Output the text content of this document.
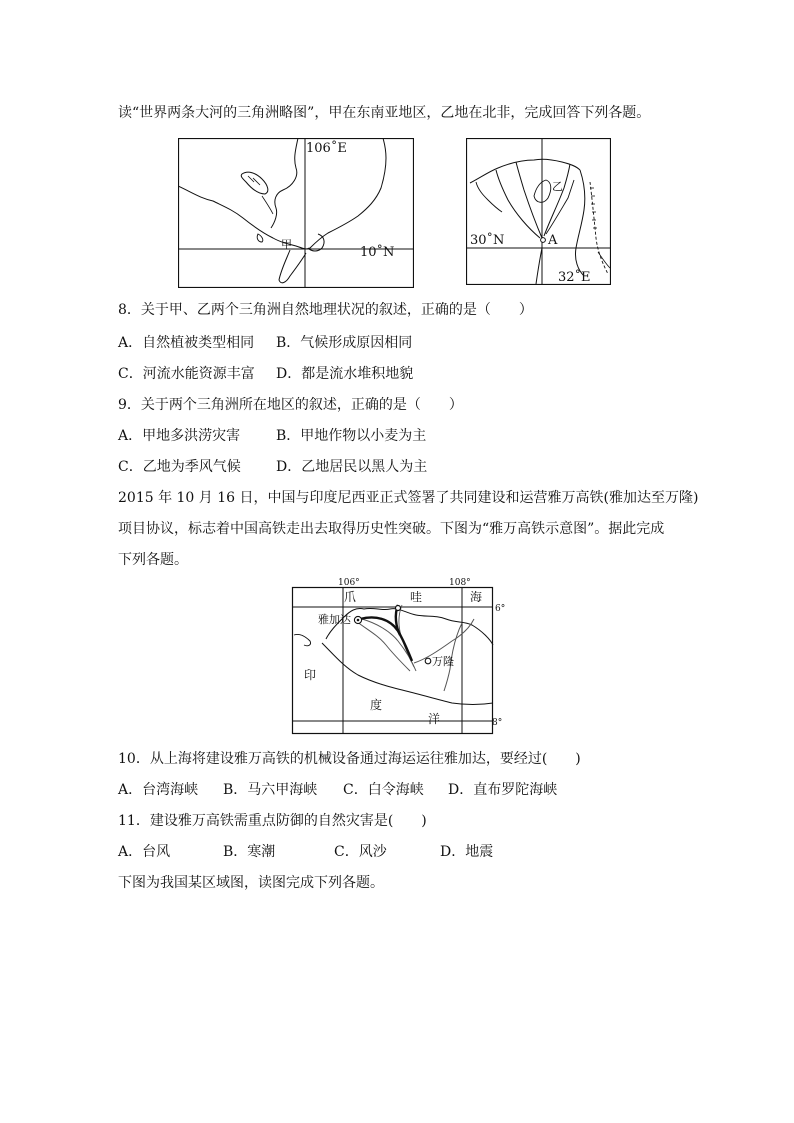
读“世界两条大河的三角洲略图”，甲在东南亚地区，乙地在北非，完成回答下列各题。
106˚E
甲
10˚N
乙
30˚N	A
32˚E
8．关于甲、乙两个三角洲自然地理状况的叙述，正确的是（　　）
A．自然植被类型相同 B．气候形成原因相同
C．河流水能资源丰富 D．都是流水堆积地貌
9．关于两个三角洲所在地区的叙述，正确的是（　　）
A．甲地多洪涝灾害	B．甲地作物以小麦为主
C．乙地为季风气候	D．乙地居民以黑人为主
2015 年 10 月 16 日，中国与印度尼西亚正式签署了共同建设和运营雅万高铁(雅加达至万隆)
项目协议，标志着中国高铁走出去取得历史性突破。下图为“雅万高铁示意图”。据此完成
下列各题。
106°	108°
6°
8°
爪	哇	海
雅加达
万隆
印
度
洋
10．从上海将建设雅万高铁的机械设备通过海运运往雅加达，要经过(　　)
A．台湾海峡 B．马六甲海峡 C．白令海峡 D．直布罗陀海峡
11．建设雅万高铁需重点防御的自然灾害是(　　)
A．台风	B．寒潮	C．风沙	D．地震
下图为我国某区域图，读图完成下列各题。
